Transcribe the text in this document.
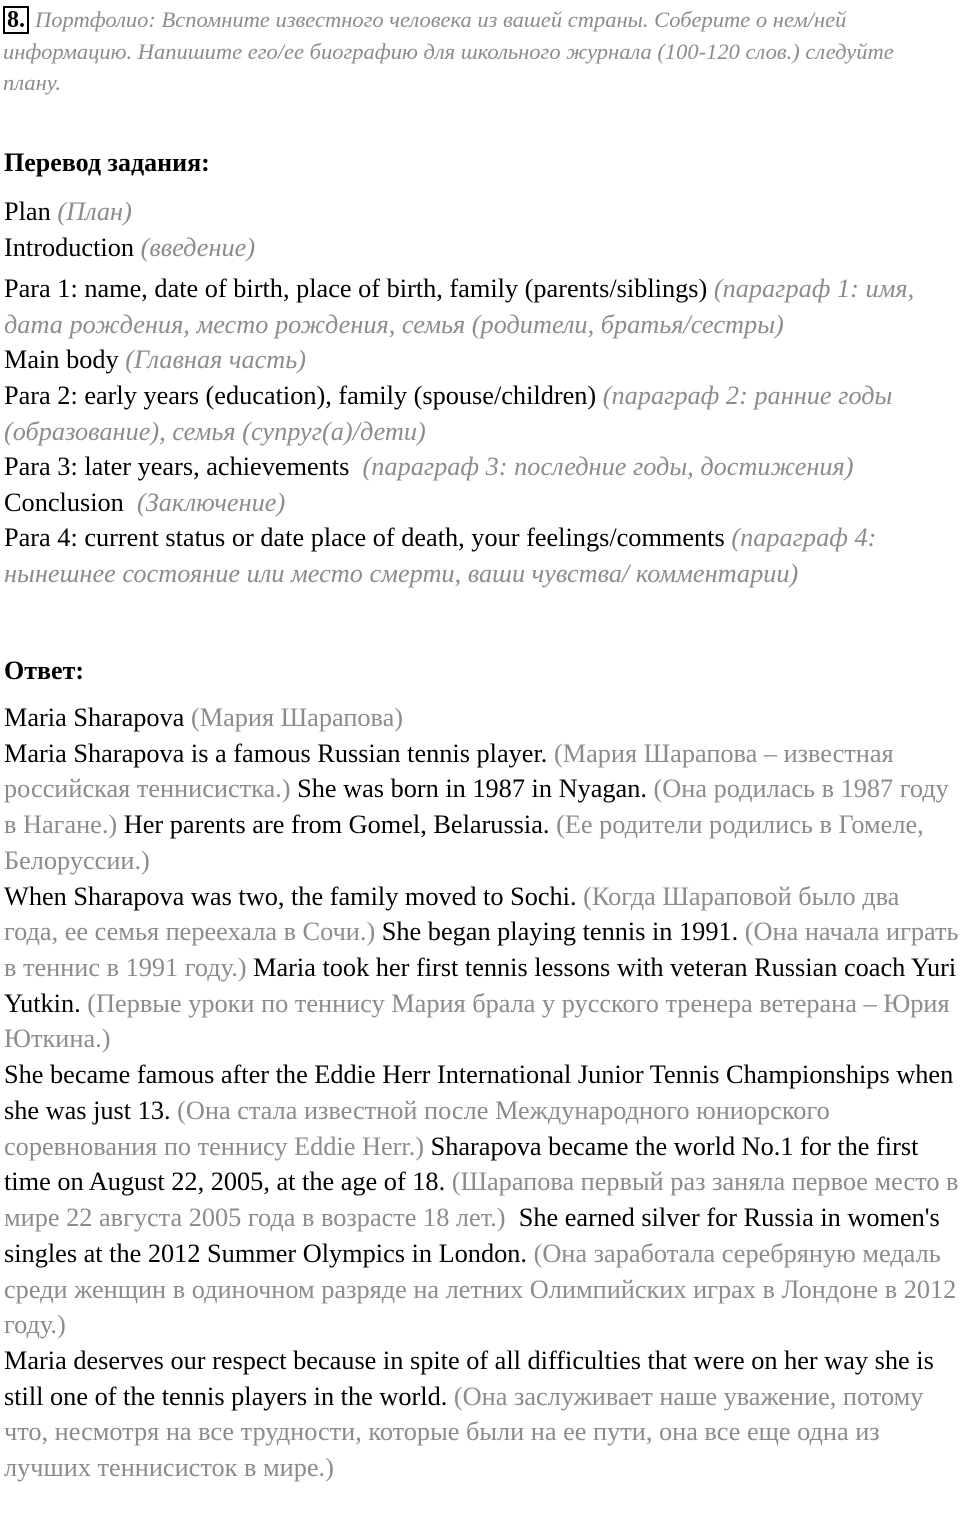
8. Портфолио: Вспомните известного человека из вашей страны. Соберите о нем/ней информацию. Напишите его/ее биографию для школьного журнала (100-120 слов.) следуйте плану.
Перевод задания:

Plan (План)

Introduction (введение)

Para 1: name, date of birth, place of birth, family (parents/siblings) (параграф 1: имя, дата рождения, место рождения, семья (родители, братья/сестры)

Main body (Главная часть)

Para 2: early years (education), family (spouse/children) (параграф 2: ранние годы (образование), семья (супруг(а)/дети)

Para 3: later years, achievements (параграф 3: последние годы, достижения)

Conclusion (Заключение)

Para 4: current status or date place of death, your feelings/comments (параграф 4: нынешнее состояние или место смерти, ваши чувства/ комментарии)

Ответ:

Maria Sharapova (Мария Шарапова)

Maria Sharapova is a famous Russian tennis player. (Мария Шарапова – известная российская теннисистка.) She was born in 1987 in Nyagan. (Она родилась в 1987 году в Нагане.) Her parents are from Gomel, Belarussia. (Ее родители родились в Гомеле, Белоруссии.)

When Sharapova was two, the family moved to Sochi. (Когда Шараповой было два года, ее семья переехала в Сочи.) She began playing tennis in 1991. (Она начала играть в теннис в 1991 году.) Maria took her first tennis lessons with veteran Russian coach Yuri Yutkin. (Первые уроки по теннису Мария брала у русского тренера ветерана – Юрия Юткина.)

She became famous after the Eddie Herr International Junior Tennis Championships when she was just 13. (Она стала известной после Международного юниорского соревнования по теннису Eddie Herr.) Sharapova became the world No.1 for the first time on August 22, 2005, at the age of 18. (Шарапова первый раз заняла первое место в мире 22 августа 2005 года в возрасте 18 лет.) She earned silver for Russia in women's singles at the 2012 Summer Olympics in London. (Она заработала серебряную медаль среди женщин в одиночном разряде на летних Олимпийских играх в Лондоне в 2012 году.)

Maria deserves our respect because in spite of all difficulties that were on her way she is still one of the tennis players in the world. (Она заслуживает наше уважение, потому что, несмотря на все трудности, которые были на ее пути, она все еще одна из лучших теннисисток в мире.)
